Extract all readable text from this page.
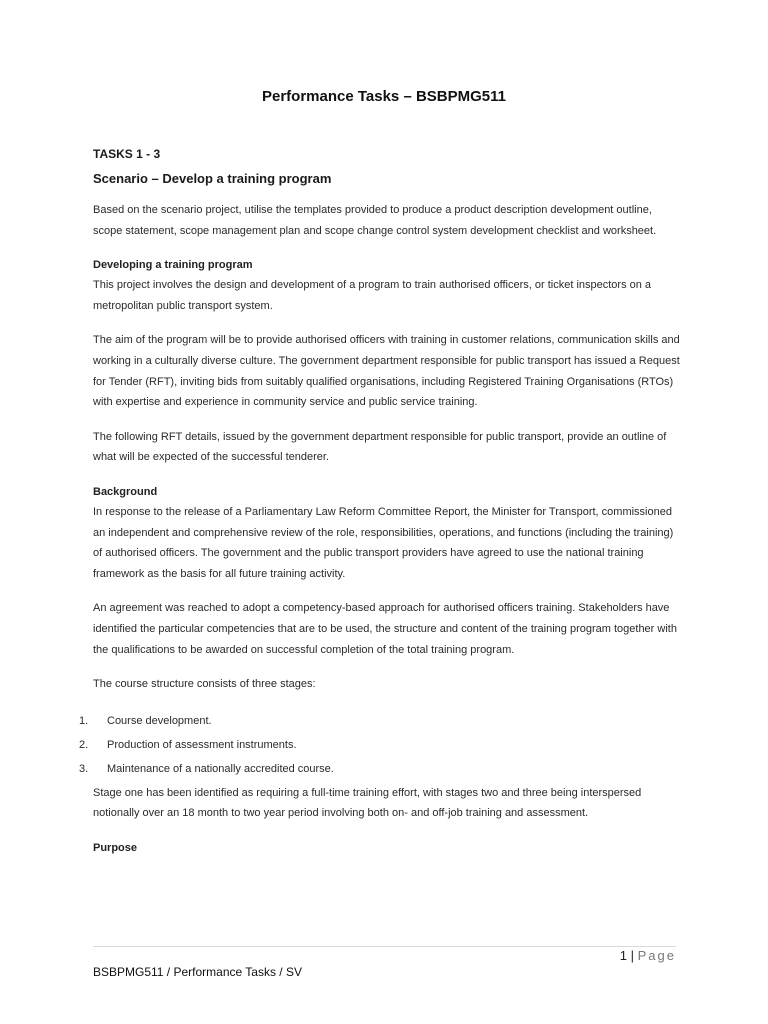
Performance Tasks – BSBPMG511
TASKS 1 - 3
Scenario – Develop a training program

Based on the scenario project, utilise the templates provided to produce a product description development outline, scope statement, scope management plan and scope change control system development checklist and worksheet.

Developing a training program

This project involves the design and development of a program to train authorised officers, or ticket inspectors on a metropolitan public transport system.

The aim of the program will be to provide authorised officers with training in customer relations, communication skills and working in a culturally diverse culture. The government department responsible for public transport has issued a Request for Tender (RFT), inviting bids from suitably qualified organisations, including Registered Training Organisations (RTOs) with expertise and experience in community service and public service training.

The following RFT details, issued by the government department responsible for public transport, provide an outline of what will be expected of the successful tenderer.

Background

In response to the release of a Parliamentary Law Reform Committee Report, the Minister for Transport, commissioned an independent and comprehensive review of the role, responsibilities, operations, and functions (including the training) of authorised officers. The government and the public transport providers have agreed to use the national training framework as the basis for all future training activity.

An agreement was reached to adopt a competency-based approach for authorised officers training. Stakeholders have identified the particular competencies that are to be used, the structure and content of the training program together with the qualifications to be awarded on successful completion of the total training program.

The course structure consists of three stages:

1.	Course development.
2.	Production of assessment instruments.
3.	Maintenance of a nationally accredited course.

Stage one has been identified as requiring a full-time training effort, with stages two and three being interspersed notionally over an 18 month to two year period involving both on- and off-job training and assessment.

Purpose
1 | Page
BSBPMG511 / Performance Tasks / SV
